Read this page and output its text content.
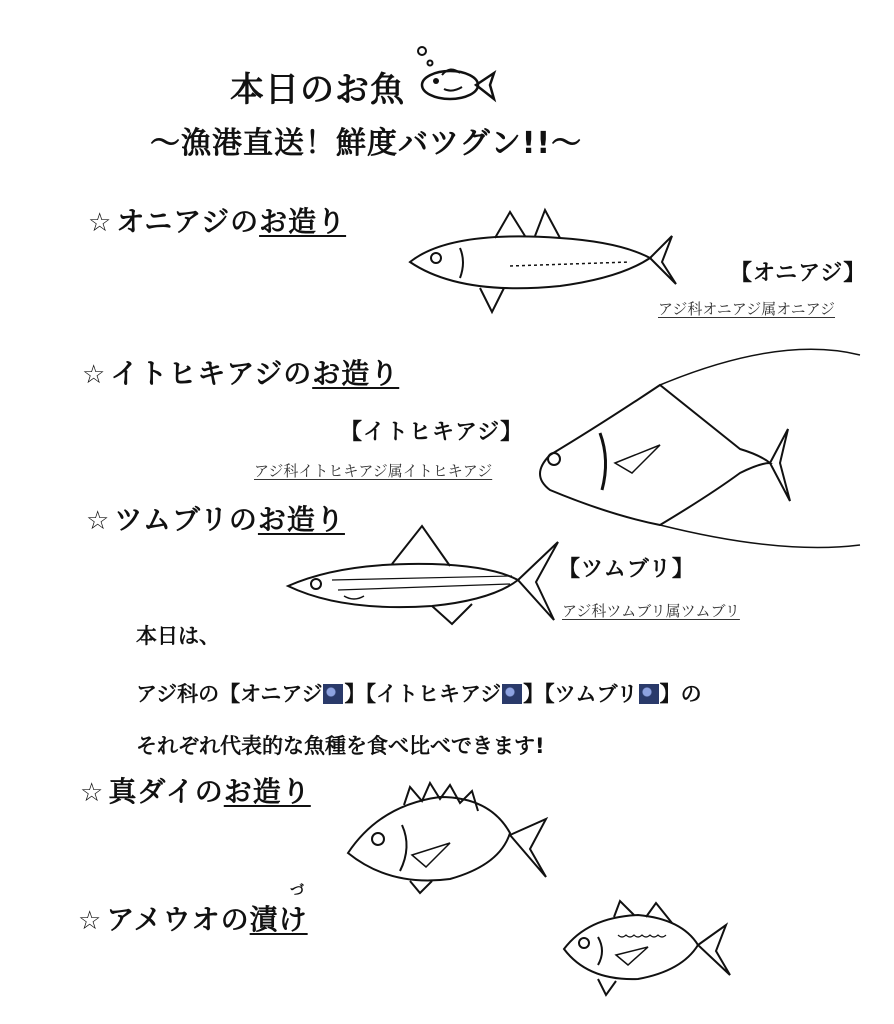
本日のお魚
～漁港直送！鮮度バツグン!!～
☆ オニアジのお造り
【オニアジ】
アジ科オニアジ属オニアジ
☆ イトヒキアジのお造り
【イトヒキアジ】
アジ科イトヒキアジ属イトヒキアジ
☆ ツムブリのお造り
【ツムブリ】
アジ科ツムブリ属ツムブリ
本日は、
アジ科の【オニアジ 】【イトヒキアジ 】【ツムブリ 】の
それぞれ代表的な魚種を食べ比べできます!
☆ 真ダイのお造り
づ
☆ アメウオの漬け
